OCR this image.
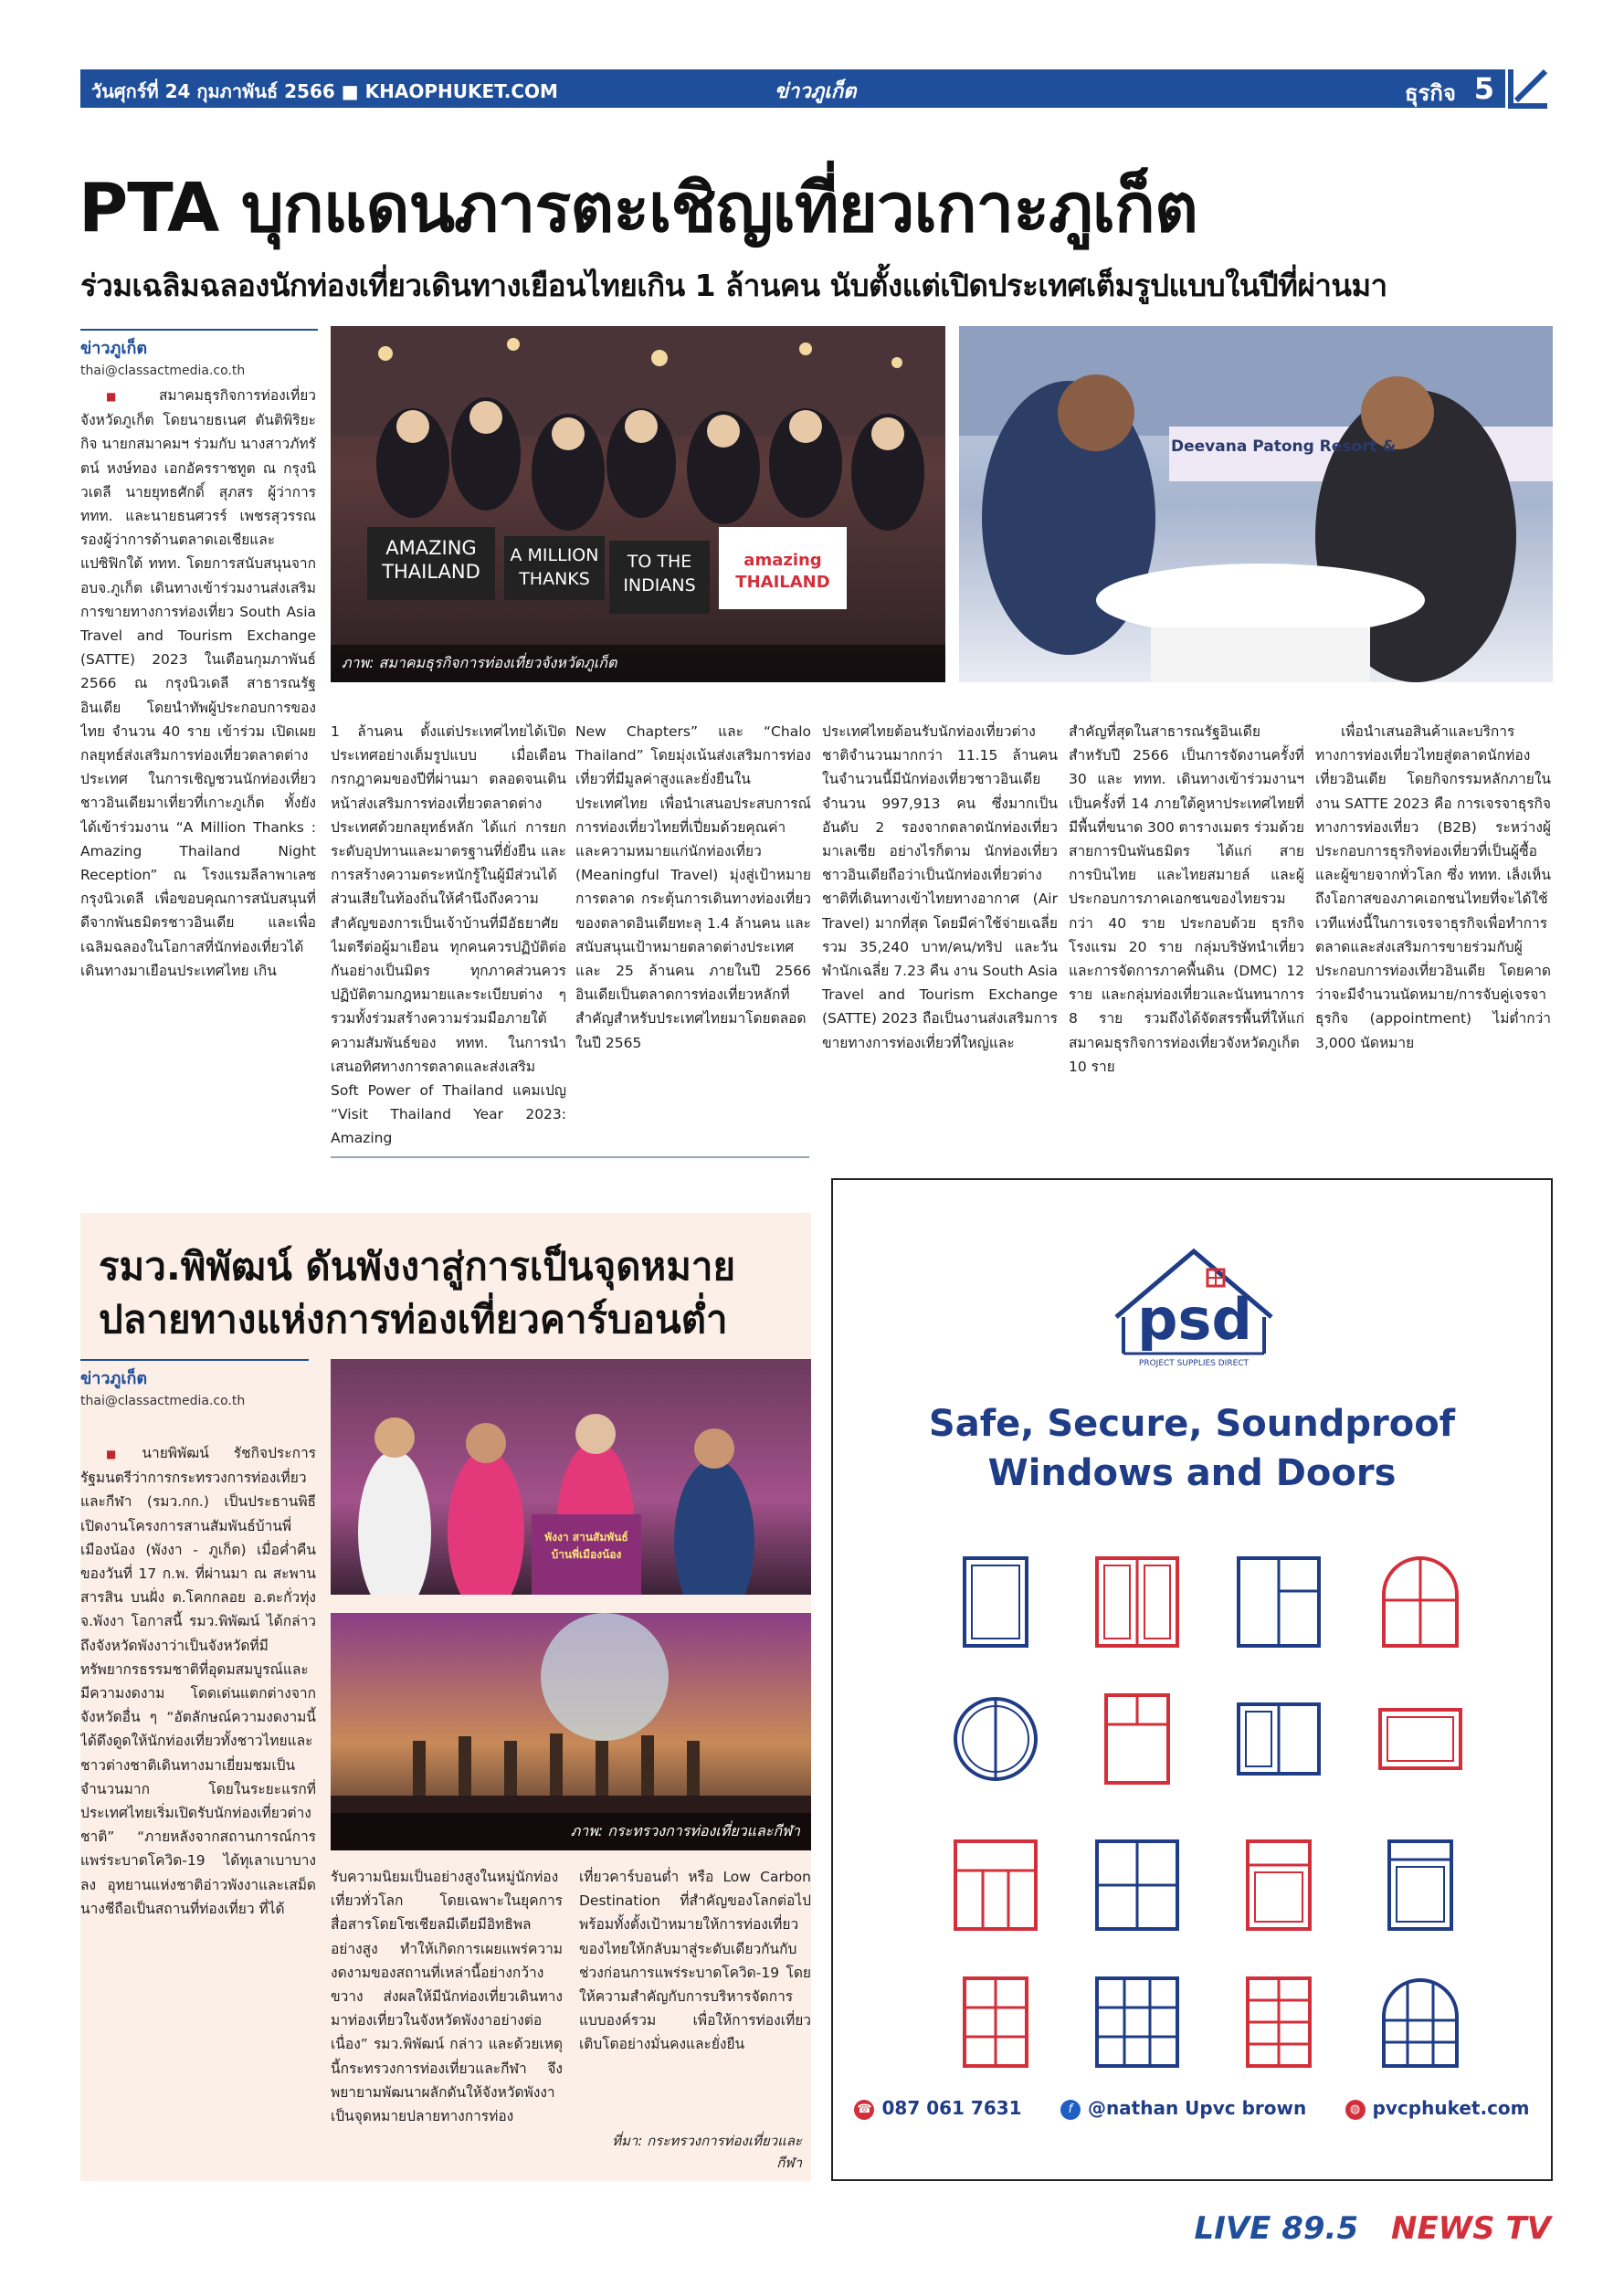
วันศุกร์ที่ 24 กุมภาพันธ์ 2566 ■ KHAOPHUKET.COM	ข่าวภูเก็ต	ธุรกิจ 5
PTA บุกแดนภารตะเชิญเที่ยวเกาะภูเก็ต
ร่วมเฉลิมฉลองนักท่องเที่ยวเดินทางเยือนไทยเกิน 1 ล้านคน นับตั้งแต่เปิดประเทศเต็มรูปแบบในปีที่ผ่านมา
ข่าวภูเก็ต
thai@classactmedia.co.th
AMAZING THAILAND
A MILLION THANKS
TO THE INDIANS
amazing THAILAND
ภาพ: สมาคมธุรกิจการท่องเที่ยวจังหวัดภูเก็ต
Deevana Patong Resort &

■ สมาคมธุรกิจการท่องเที่ยวจังหวัดภูเก็ต โดยนายธเนศ ตันติพิริยะกิจ นายกสมาคมฯ ร่วมกับ นางสาวภัทรัตน์ หงษ์ทอง เอกอัครราชทูต ณ กรุงนิวเดลี นายยุทธศักดิ์ สุภสร ผู้ว่าการ ททท. และนายธนศวรร์ เพชรสุวรรณ รองผู้ว่าการด้านตลาดเอเชียและแปซิฟิกใต้ ททท. โดยการสนับสนุนจาก อบจ.ภูเก็ต เดินทางเข้าร่วมงานส่งเสริมการขายทางการท่องเที่ยว South Asia Travel and Tourism Exchange (SATTE) 2023 ในเดือนกุมภาพันธ์ 2566 ณ กรุงนิวเดลี สาธารณรัฐอินเดีย โดยนำทัพผู้ประกอบการของไทย จำนวน 40 ราย เข้าร่วม เปิดเผยกลยุทธ์ส่งเสริมการท่องเที่ยวตลาดต่างประเทศ ในการเชิญชวนนักท่องเที่ยวชาวอินเดียมาเที่ยวที่เกาะภูเก็ต ทั้งยังได้เข้าร่วมงาน “A Million Thanks : Amazing Thailand Night Reception” ณ โรงแรมลีลาพาเลซ กรุงนิวเดลี เพื่อขอบคุณการสนับสนุนที่ดีจากพันธมิตรชาวอินเดีย และเพื่อเฉลิมฉลองในโอกาสที่นักท่องเที่ยวได้เดินทางมาเยือนประเทศไทย เกิน

1 ล้านคน ตั้งแต่ประเทศไทยได้เปิดประเทศอย่างเต็มรูปแบบ เมื่อเดือนกรกฎาคมของปีที่ผ่านมา ตลอดจนเดินหน้าส่งเสริมการท่องเที่ยวตลาดต่างประเทศด้วยกลยุทธ์หลัก ได้แก่ การยกระดับอุปทานและมาตรฐานที่ยั่งยืน และการสร้างความตระหนักรู้ในผู้มีส่วนได้ส่วนเสียในท้องถิ่นให้คำนึงถึงความสำคัญของการเป็นเจ้าบ้านที่มีอัธยาศัยไมตรีต่อผู้มาเยือน ทุกคนควรปฏิบัติต่อกันอย่างเป็นมิตร ทุกภาคส่วนควรปฏิบัติตามกฎหมายและระเบียบต่าง ๆ รวมทั้งร่วมสร้างความร่วมมือภายใต้ความสัมพันธ์ของ ททท. ในการนำเสนอทิศทางการตลาดและส่งเสริม Soft Power of Thailand แคมเปญ “Visit Thailand Year 2023: Amazing

New Chapters” และ “Chalo Thailand” โดยมุ่งเน้นส่งเสริมการท่องเที่ยวที่มีมูลค่าสูงและยั่งยืนในประเทศไทย เพื่อนำเสนอประสบการณ์การท่องเที่ยวไทยที่เปี่ยมด้วยคุณค่าและความหมายแก่นักท่องเที่ยว (Meaningful Travel) มุ่งสู่เป้าหมายการตลาด กระตุ้นการเดินทางท่องเที่ยวของตลาดอินเดียทะลุ 1.4 ล้านคน และสนับสนุนเป้าหมายตลาดต่างประเทศและ 25 ล้านคน ภายในปี 2566 อินเดียเป็นตลาดการท่องเที่ยวหลักที่สำคัญสำหรับประเทศไทยมาโดยตลอด ในปี 2565

ประเทศไทยต้อนรับนักท่องเที่ยวต่างชาติจำนวนมากกว่า 11.15 ล้านคน ในจำนวนนี้มีนักท่องเที่ยวชาวอินเดีย จำนวน 997,913 คน ซึ่งมากเป็นอันดับ 2 รองจากตลาดนักท่องเที่ยวมาเลเซีย อย่างไรก็ตาม นักท่องเที่ยวชาวอินเดียถือว่าเป็นนักท่องเที่ยวต่างชาติที่เดินทางเข้าไทยทางอากาศ (Air Travel) มากที่สุด โดยมีค่าใช้จ่ายเฉลี่ยรวม 35,240 บาท/คน/ทริป และวันพำนักเฉลี่ย 7.23 คืน งาน South Asia Travel and Tourism Exchange (SATTE) 2023 ถือเป็นงานส่งเสริมการขายทางการท่องเที่ยวที่ใหญ่และ

สำคัญที่สุดในสาธารณรัฐอินเดีย สำหรับปี 2566 เป็นการจัดงานครั้งที่ 30 และ ททท. เดินทางเข้าร่วมงานฯ เป็นครั้งที่ 14 ภายใต้คูหาประเทศไทยที่มีพื้นที่ขนาด 300 ตารางเมตร ร่วมด้วยสายการบินพันธมิตร ได้แก่ สายการบินไทย และไทยสมายล์ และผู้ประกอบการภาคเอกชนของไทยรวมกว่า 40 ราย ประกอบด้วย ธุรกิจโรงแรม 20 ราย กลุ่มบริษัทนำเที่ยวและการจัดการภาคพื้นดิน (DMC) 12 ราย และกลุ่มท่องเที่ยวและนันทนาการ 8 ราย รวมถึงได้จัดสรรพื้นที่ให้แก่สมาคมธุรกิจการท่องเที่ยวจังหวัดภูเก็ต 10 ราย

เพื่อนำเสนอสินค้าและบริการทางการท่องเที่ยวไทยสู่ตลาดนักท่องเที่ยวอินเดีย โดยกิจกรรมหลักภายในงาน SATTE 2023 คือ การเจรจาธุรกิจทางการท่องเที่ยว (B2B) ระหว่างผู้ประกอบการธุรกิจท่องเที่ยวที่เป็นผู้ซื้อและผู้ขายจากทั่วโลก ซึ่ง ททท. เล็งเห็นถึงโอกาสของภาคเอกชนไทยที่จะได้ใช้เวทีแห่งนี้ในการเจรจาธุรกิจเพื่อทำการตลาดและส่งเสริมการขายร่วมกับผู้ประกอบการท่องเที่ยวอินเดีย โดยคาดว่าจะมีจำนวนนัดหมาย/การจับคู่เจรจาธุรกิจ (appointment) ไม่ต่ำกว่า 3,000 นัดหมาย

รมว.พิพัฒน์ ดันพังงาสู่การเป็นจุดหมายปลายทางแห่งการท่องเที่ยวคาร์บอนต่ำ
ข่าวภูเก็ต
thai@classactmedia.co.th
พังงา สานสัมพันธ์บ้านพี่เมืองน้อง
ภาพ: กระทรวงการท่องเที่ยวและกีฬา

■ นายพิพัฒน์ รัชกิจประการ รัฐมนตรีว่าการกระทรวงการท่องเที่ยวและกีฬา (รมว.กก.) เป็นประธานพิธีเปิดงานโครงการสานสัมพันธ์บ้านพี่เมืองน้อง (พังงา - ภูเก็ต) เมื่อค่ำคืนของวันที่ 17 ก.พ. ที่ผ่านมา ณ สะพานสารสิน บนฝั่ง ต.โคกกลอย อ.ตะกั่วทุ่ง จ.พังงา โอกาสนี้ รมว.พิพัฒน์ ได้กล่าวถึงจังหวัดพังงาว่าเป็นจังหวัดที่มีทรัพยากรธรรมชาติที่อุดมสมบูรณ์และมีความงดงาม โดดเด่นแตกต่างจากจังหวัดอื่น ๆ “อัตลักษณ์ความงดงามนี้ได้ดึงดูดให้นักท่องเที่ยวทั้งชาวไทยและชาวต่างชาติเดินทางมาเยี่ยมชมเป็นจำนวนมาก โดยในระยะแรกที่ประเทศไทยเริ่มเปิดรับนักท่องเที่ยวต่างชาติ” “ภายหลังจากสถานการณ์การแพร่ระบาดโควิด-19 ได้ทุเลาเบาบางลง อุทยานแห่งชาติอ่าวพังงาและเสม็ดนางชีถือเป็นสถานที่ท่องเที่ยว ที่ได้

รับความนิยมเป็นอย่างสูงในหมู่นักท่องเที่ยวทั่วโลก โดยเฉพาะในยุคการสื่อสารโดยโซเชียลมีเดียมีอิทธิพลอย่างสูง ทำให้เกิดการเผยแพร่ความงดงามของสถานที่เหล่านี้อย่างกว้างขวาง ส่งผลให้มีนักท่องเที่ยวเดินทางมาท่องเที่ยวในจังหวัดพังงาอย่างต่อเนื่อง” รมว.พิพัฒน์ กล่าว และด้วยเหตุนี้กระทรวงการท่องเที่ยวและกีฬา จึงพยายามพัฒนาผลักดันให้จังหวัดพังงาเป็นจุดหมายปลายทางการท่อง

เที่ยวคาร์บอนต่ำ หรือ Low Carbon Destination ที่สำคัญของโลกต่อไป พร้อมทั้งตั้งเป้าหมายให้การท่องเที่ยวของไทยให้กลับมาสู่ระดับเดียวกันกับช่วงก่อนการแพร่ระบาดโควิด-19 โดยให้ความสำคัญกับการบริหารจัดการแบบองค์รวม เพื่อให้การท่องเที่ยวเติบโตอย่างมั่นคงและยั่งยืน

ที่มา: กระทรวงการท่องเที่ยวและกีฬา
psd
PROJECT SUPPLIES DIRECT
Safe, Secure, Soundproof
Windows and Doors
☎ 087 061 7631	f @nathan Upvc brown	◍ pvcphuket.com
LIVE 89.5 NEWS TV
